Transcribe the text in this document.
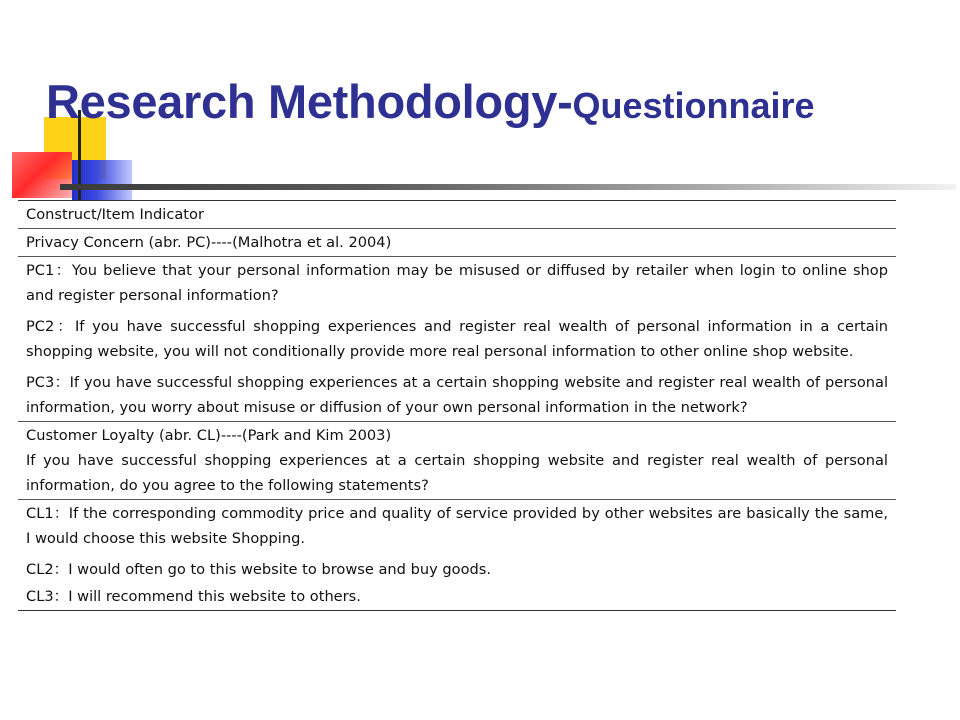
Research Methodology-Questionnaire
Construct/Item Indicator
Privacy Concern (abr. PC)----(Malhotra et al. 2004)
PC1：You believe that your personal information may be misused or diffused by retailer when login to online shop and register personal information?
PC2：If you have successful shopping experiences and register real wealth of personal information in a certain shopping website, you will not conditionally provide more real personal information to other online shop website.
PC3：If you have successful shopping experiences at a certain shopping website and register real wealth of personal information, you worry about misuse or diffusion of your own personal information in the network?
Customer Loyalty (abr. CL)----(Park and Kim 2003)
If you have successful shopping experiences at a certain shopping website and register real wealth of personal information, do you agree to the following statements?
CL1：If the corresponding commodity price and quality of service provided by other websites are basically the same, I would choose this website Shopping.
CL2：I would often go to this website to browse and buy goods.
CL3：I will recommend this website to others.
